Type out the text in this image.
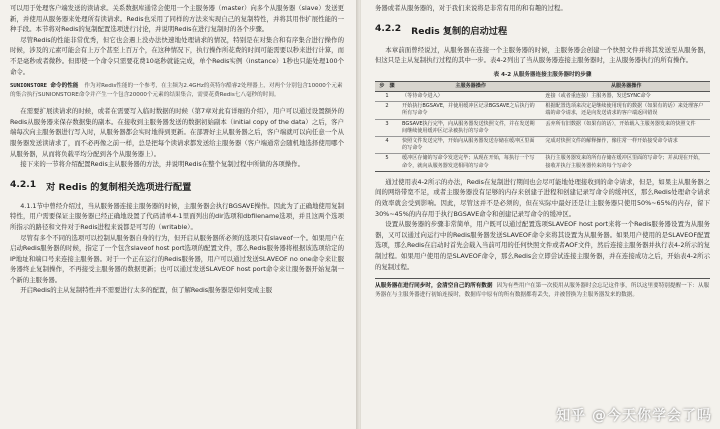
可以用于处理客户端发送的读请求。关系数据库通常会使用一个主服务器（master）向多个从服务器（slave）发送更新，并使用从服务器来处理所有读请求。Redis也采用了同样的方法来实现自己的复制特性，并将其用作扩展性能的一种手段。本节将对Redis的复制配置选项进行讨论，并说明Redis在进行复制时的各个步骤。

尽管Redis的性能非常优秀，但它也会遇上没办法快速地处理请求的情况，特别是在对集合和有序集合进行操作的时候，涉及的元素可能会有上万个甚至上百万个，在这种情况下，执行操作所花费的时间可能需要以秒来进行计算，而不是毫秒或者微秒。但即使一个命令只需要花费10毫秒就能完成，单个Redis实例（instance）1秒也只能处理100个命令。

SUNIONSTORE 命令的性能 作为对Redis性能的一个参考，在主频为2.4GHz的英特尔酷睿2处理器上，对两个分别包含10000个元素的集合执行SUNIONSTORE命令并产生一个包含20000个元素的结果集合，需要花费Redis七八毫秒的时间。

在需要扩展读请求的时候，或者在需要写入临时数据的时候（第7章对此有详细的介绍），用户可以通过设置额外的Redis从服务器来保存数据集的副本。在接收到主服务器发送的数据初始副本（initial copy of the data）之后，客户端每次向主服务器进行写入时，从服务器都会实时地得到更新。在部署好主从服务器之后，客户端就可以向任意一个从服务器发送读请求了，而不必再像之前一样，总是把每个读请求都发送给主服务器（客户端通常会随机地选择使用哪个从服务器，从而将负载平均分配到各个从服务器上）。

接下来的一节将介绍配置Redis主从服务器的方法，并说明Redis在整个复制过程中所做的各项操作。

4.2.1 对 Redis 的复制相关选项进行配置

4.1.1节中曾经介绍过，当从服务器连接主服务器的时候，主服务器会执行BGSAVE操作。因此为了正确地使用复制特性，用户需要保证主服务器已经正确地设置了代码清单4-1里面列出的dir选项和dbfilename选项，并且这两个选项所指示的路径和文件对于Redis进程来说都是可写的（writable）。

尽管有多个不同的选项可以控制从服务器自身的行为，但开启从服务器所必须的选项只有slaveof一个。如果用户在启动Redis服务器的时候，指定了一个包含slaveof host port选项的配置文件，那么Redis服务器将根据该选项给定的IP地址和端口号来连接主服务器。对于一个正在运行的Redis服务器，用户可以通过发送SLAVEOF no one命令来让服务器终止复制操作，不再接受主服务器的数据更新；也可以通过发送SLAVEOF host port命令来让服务器开始复制一个新的主服务器。

开启Redis的主从复制特性并不需要进行太多的配置，但了解Redis服务器是如何变成主服

务器或者从服务器的，对于我们来说将是非常有用的和有趣的过程。

4.2.2 Redis 复制的启动过程

本章前面曾经说过，从服务器在连接一个主服务器的时候，主服务器会创建一个快照文件并将其发送至从服务器，但这只是主从复制执行过程的其中一步。表4-2列出了当从服务器连接主服务器时，主从服务器执行的所有操作。

表 4-2 从服务器连接主服务器时的步骤
步　骤	主服务器操作	从服务器操作
1	（等待命令进入）	连接（或者重连接）主服务器，发送SYNC命令
2	开始执行BGSAVE，并使用缓冲区记录BGSAVE之后执行的所有写命令	根据配置选项来决定是继续使用现有的数据（如果有的话）来处理客户端的命令请求，还是向发送请求的客户端返回错误
3	BGSAVE执行完毕，向从服务器发送快照文件，并在发送期间继续使用缓冲区记录被执行的写命令	丢弃所有旧数据（如果有的话），开始载入主服务器发来的快照文件
4	快照文件发送完毕，开始向从服务器发送存储在缓冲区里面的写命令	完成对快照文件的解释操作，像往常一样开始接受命令请求
5	缓冲区存储的写命令发送完毕；从现在开始，每执行一个写命令，就向从服务器发送相同的写命令	执行主服务器发来的所有存储在缓冲区里面的写命令；并从现在开始，接收并执行主服务器传来的每个写命令

通过使用表4-2所示的办法，Redis在复制进行期间也会尽可能地处理接收到的命令请求，但是，如果主从服务器之间的网络带宽不足，或者主服务器没有足够的内存来创建子进程和创建记录写命令的缓冲区，那么Redis处理命令请求的效率就会受到影响。因此，尽管这并不是必须的，但在实际中最好还是让主服务器只使用50%~65%的内存，留下30%~45%的内存用于执行BGSAVE命令和创建记录写命令的缓冲区。

设置从服务器的步骤非常简单，用户既可以通过配置选项SLAVEOF host port来将一个Redis服务器设置为从服务器，又可以通过向运行中的Redis服务器发送SLAVEOF命令来将其设置为从服务器。如果用户使用的是SLAVEOF配置选项，那么Redis在启动时首先会载入当前可用的任何快照文件或者AOF文件，然后连接主服务器并执行表4-2所示的复制过程。如果用户使用的是SLAVEOF命令，那么Redis会立即尝试连接主服务器，并在连接成功之后，开始表4-2所示的复制过程。

从服务器在进行同步时，会清空自己的所有数据 因为有些用户在第一次使用从服务器时会忘记这件事，所以这里要特别提醒一下：从服务器在与主服务器进行初始连接时，数据库中原有的所有数据都将丢失，并被替换为主服务器发来的数据。
知乎 @今天你学会了吗
